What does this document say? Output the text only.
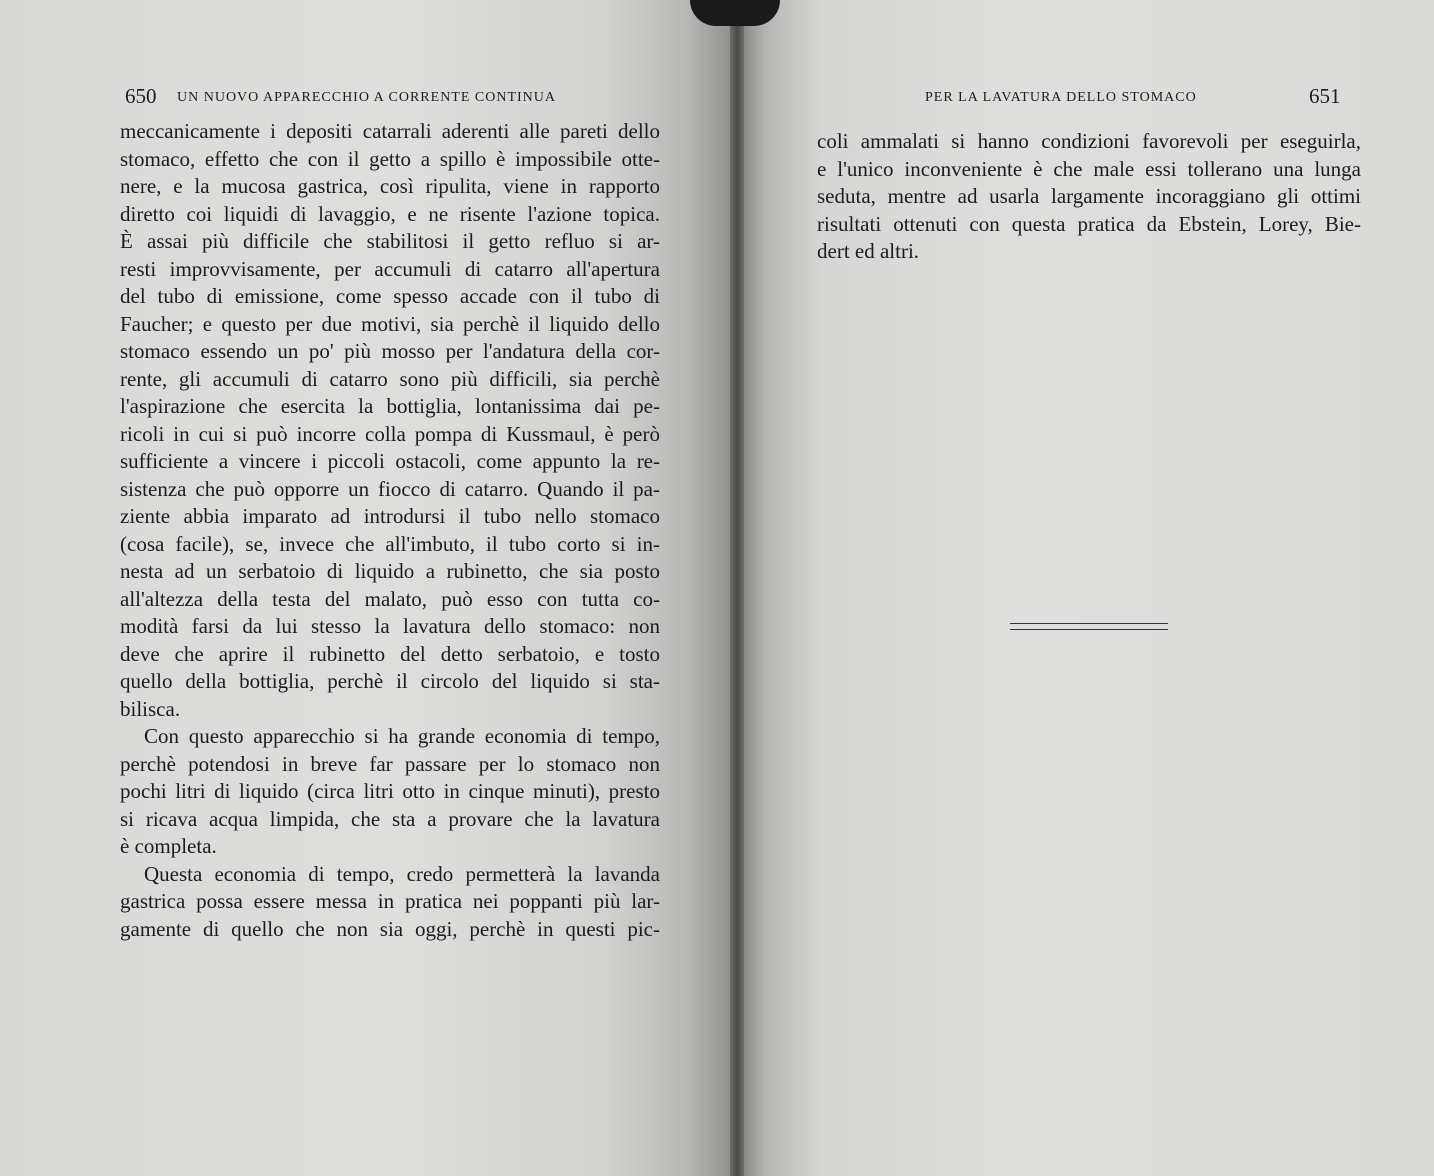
650 UN NUOVO APPARECCHIO A CORRENTE CONTINUA
meccanicamente i depositi catarrali aderenti alle pareti dello
stomaco, effetto che con il getto a spillo è impossibile otte-
nere, e la mucosa gastrica, così ripulita, viene in rapporto
diretto coi liquidi di lavaggio, e ne risente l'azione topica.
È assai più difficile che stabilitosi il getto refluo si ar-
resti improvvisamente, per accumuli di catarro all'apertura
del tubo di emissione, come spesso accade con il tubo di
Faucher; e questo per due motivi, sia perchè il liquido dello
stomaco essendo un po' più mosso per l'andatura della cor-
rente, gli accumuli di catarro sono più difficili, sia perchè
l'aspirazione che esercita la bottiglia, lontanissima dai pe-
ricoli in cui si può incorre colla pompa di Kussmaul, è però
sufficiente a vincere i piccoli ostacoli, come appunto la re-
sistenza che può opporre un fiocco di catarro. Quando il pa-
ziente abbia imparato ad introdursi il tubo nello stomaco
(cosa facile), se, invece che all'imbuto, il tubo corto si in-
nesta ad un serbatoio di liquido a rubinetto, che sia posto
all'altezza della testa del malato, può esso con tutta co-
modità farsi da lui stesso la lavatura dello stomaco: non
deve che aprire il rubinetto del detto serbatoio, e tosto
quello della bottiglia, perchè il circolo del liquido si sta-
bilisca.
Con questo apparecchio si ha grande economia di tempo,
perchè potendosi in breve far passare per lo stomaco non
pochi litri di liquido (circa litri otto in cinque minuti), presto
si ricava acqua limpida, che sta a provare che la lavatura
è completa.
Questa economia di tempo, credo permetterà la lavanda
gastrica possa essere messa in pratica nei poppanti più lar-
gamente di quello che non sia oggi, perchè in questi pic-
PER LA LAVATURA DELLO STOMACO	651
coli ammalati si hanno condizioni favorevoli per eseguirla,
e l'unico inconveniente è che male essi tollerano una lunga
seduta, mentre ad usarla largamente incoraggiano gli ottimi
risultati ottenuti con questa pratica da Ebstein, Lorey, Bie-
dert ed altri.
